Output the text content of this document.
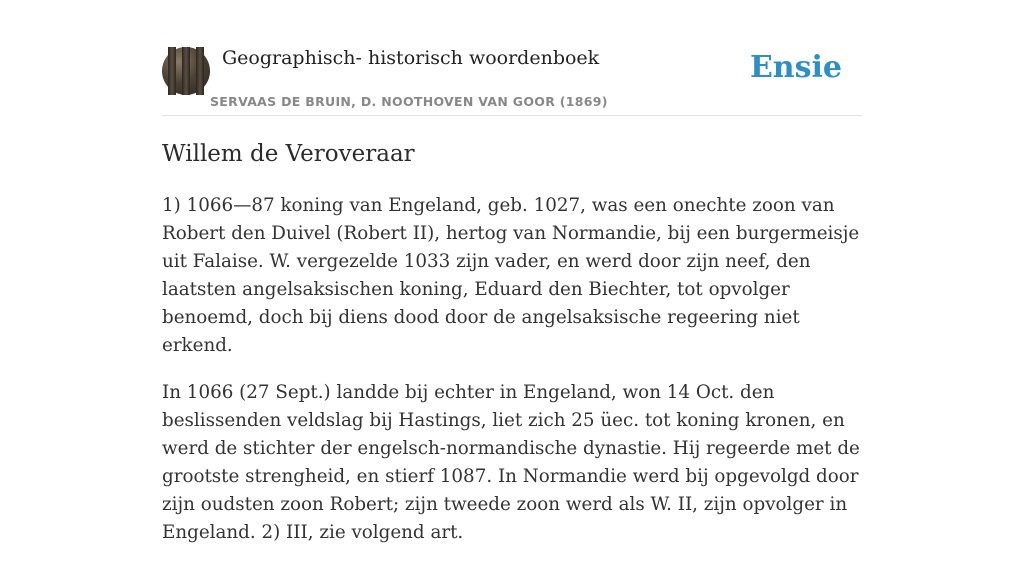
Geographisch- historisch woordenboek
SERVAAS DE BRUIN, D. NOOTHOVEN VAN GOOR (1869)
Ensie
Willem de Veroveraar

1) 1066—87 koning van Engeland, geb. 1027, was een onechte zoon van Robert den Duivel (Robert II), hertog van Normandie, bij een burgermeisje uit Falaise. W. vergezelde 1033 zijn vader, en werd door zijn neef, den laatsten angelsaksischen koning, Eduard den Biechter, tot opvolger benoemd, doch bij diens dood door de angelsaksische regeering niet erkend.

In 1066 (27 Sept.) landde bij echter in Engeland, won 14 Oct. den beslissenden veldslag bij Hastings, liet zich 25 üec. tot koning kronen, en werd de stichter der engelsch-normandische dynastie. Hij regeerde met de grootste strengheid, en stierf 1087. In Normandie werd bij opgevolgd door zijn oudsten zoon Robert; zijn tweede zoon werd als W. II, zijn opvolger in Engeland. 2) III, zie volgend art.
